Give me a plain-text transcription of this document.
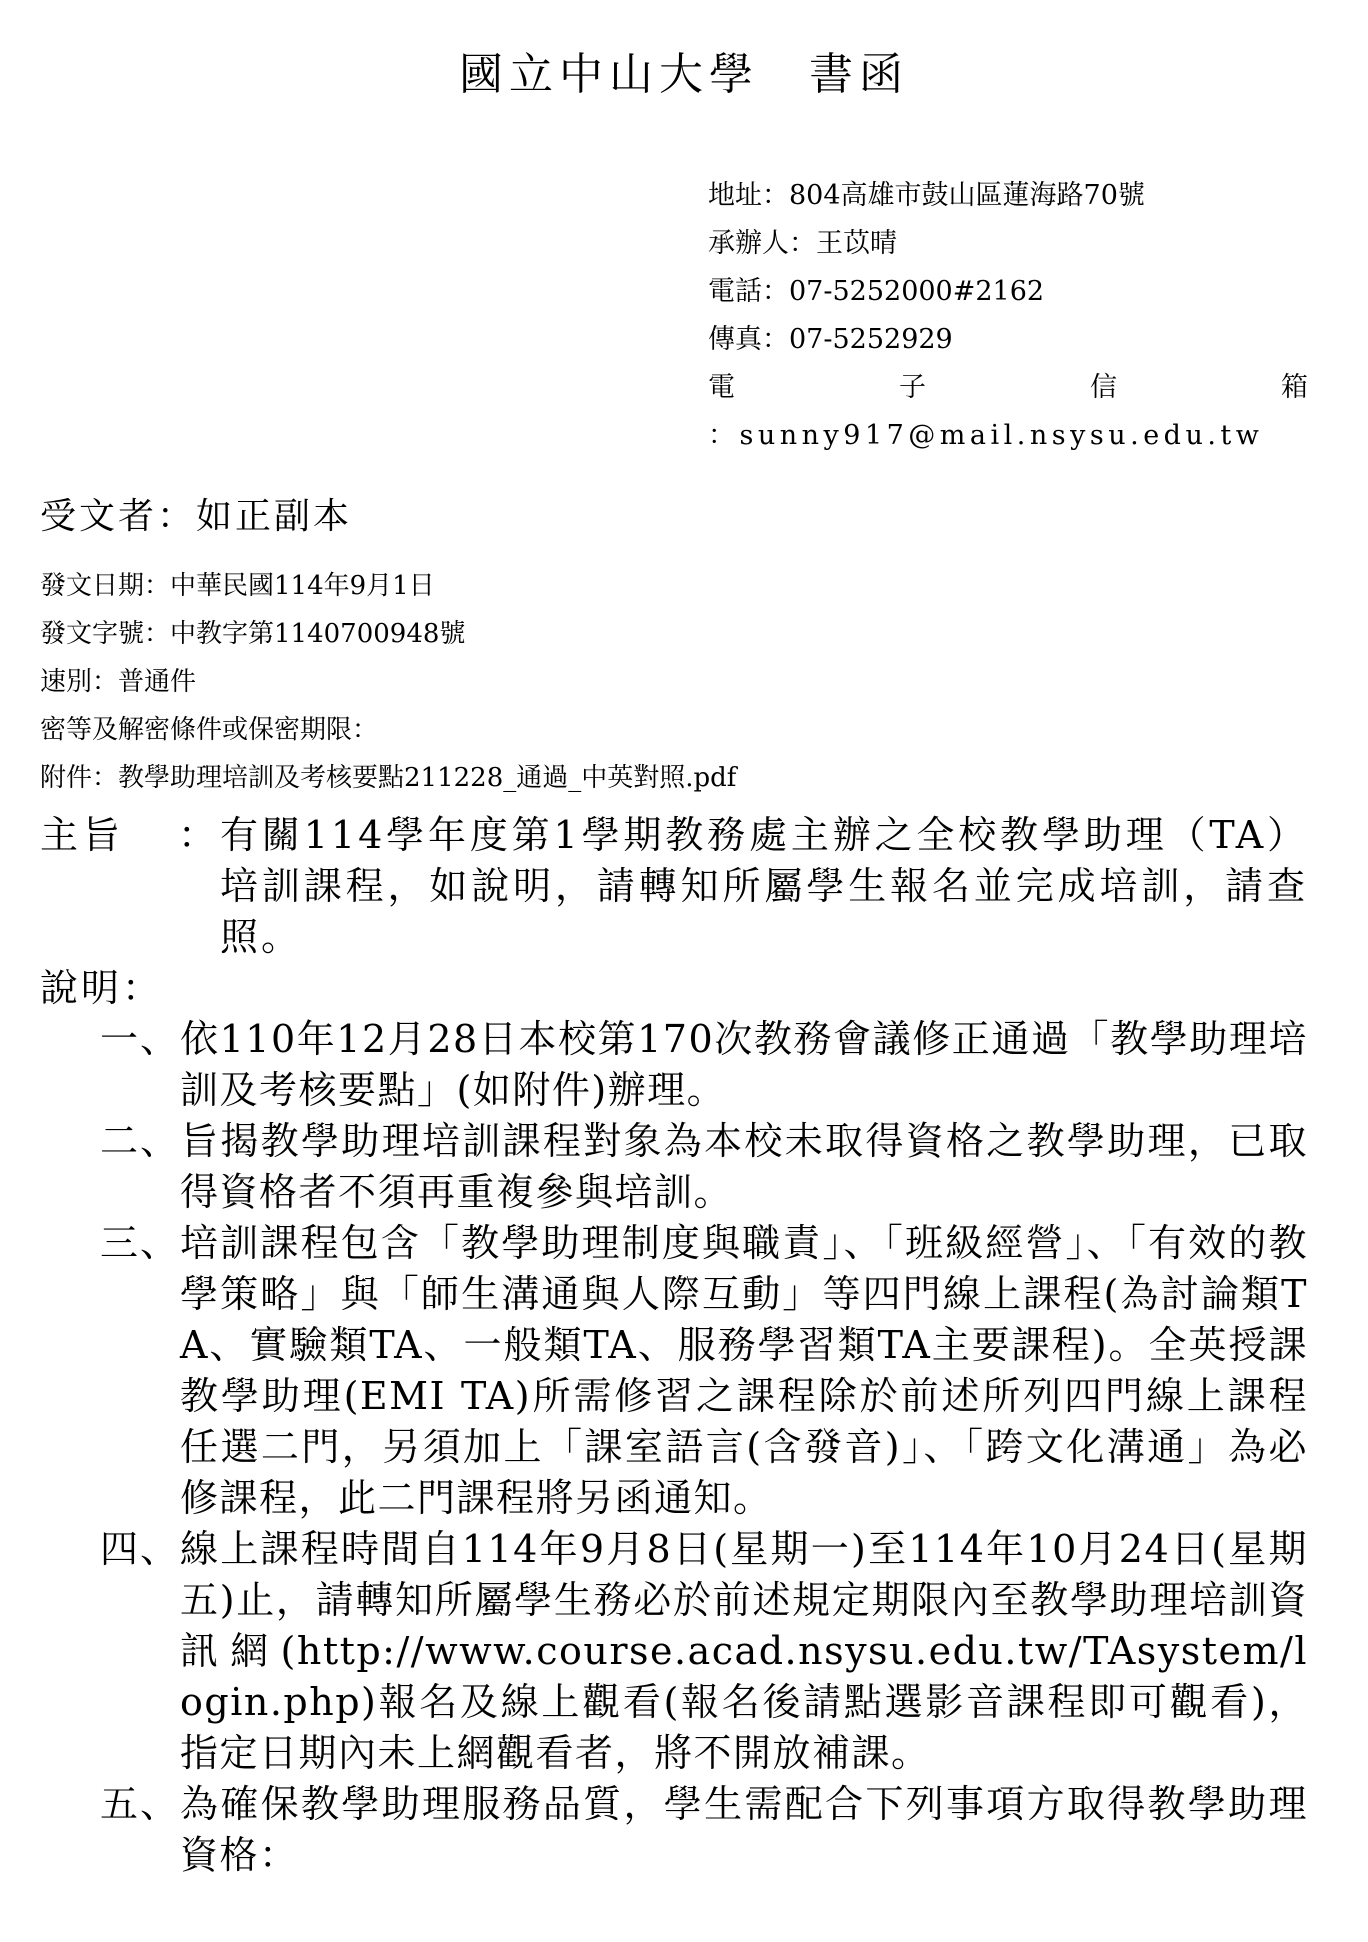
國立中山大學　書函
地址：804高雄市鼓山區蓮海路70號
承辦人：王苡晴
電話：07-5252000#2162
傳真：07-5252929
電	子	信	箱
：sunny917@mail.nsysu.edu.tw
受文者：如正副本
發文日期：中華民國114年9月1日
發文字號：中教字第1140700948號
速別：普通件
密等及解密條件或保密期限：
附件：教學助理培訓及考核要點211228_通過_中英對照.pdf
主旨	： 有關114學年度第1學期教務處主辦之全校教學助理（TA）培訓課程，如說明，請轉知所屬學生報名並完成培訓，請查照。
說明：
一、 依110年12月28日本校第170次教務會議修正通過「教學助理培訓及考核要點」(如附件)辦理。
二、 旨揭教學助理培訓課程對象為本校未取得資格之教學助理，已取得資格者不須再重複參與培訓。
三、 培訓課程包含「教學助理制度與職責」、「班級經營」、「有效的教學策略」與「師生溝通與人際互動」等四門線上課程(為討論類TA、實驗類TA、一般類TA、服務學習類TA主要課程)。全英授課教學助理(EMI TA)所需修習之課程除於前述所列四門線上課程任選二門，另須加上「課室語言(含發音)」、「跨文化溝通」為必修課程，此二門課程將另函通知。
四、 線上課程時間自114年9月8日(星期一)至114年10月24日(星期五)止，請轉知所屬學生務必於前述規定期限內至教學助理培訓資訊網(http://www.course.acad.nsysu.edu.tw/TAsystem/login.php)報名及線上觀看(報名後請點選影音課程即可觀看)，指定日期內未上網觀看者，將不開放補課。
五、 為確保教學助理服務品質，學生需配合下列事項方取得教學助理資格：
